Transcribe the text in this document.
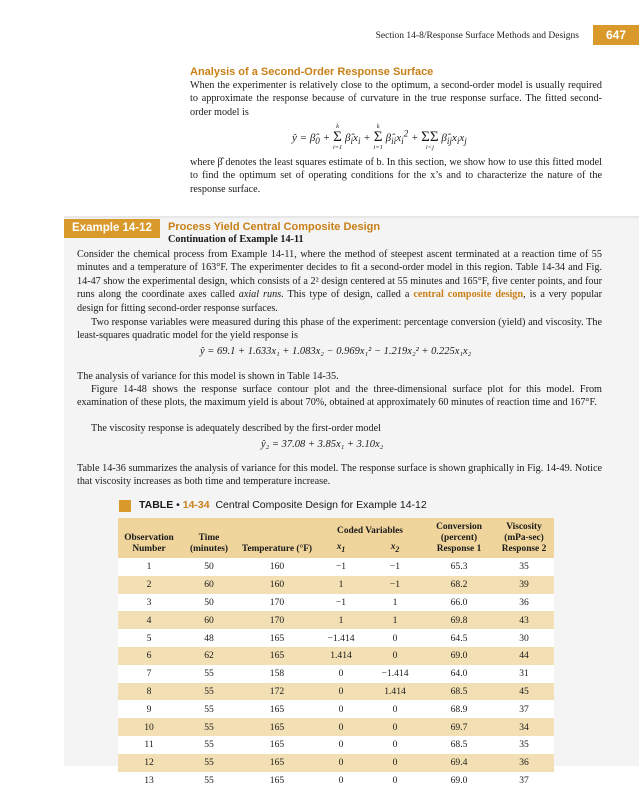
Section 14-8/Response Surface Methods and Designs	647
Analysis of a Second-Order Response Surface
When the experimenter is relatively close to the optimum, a second-order model is usually required to approximate the response because of curvature in the true response surface. The fitted second-order model is
ŷ = $\betâ_0$ +
k
Σ
i=1
$\betâ_ix_i$ +
k
Σ
i=1
$\betâ_{ii}x_i^2$ +
ΣΣ
i<j
$\betâ_{ij}x_ix_j$
where β̂ denotes the least squares estimate of b. In this section, we show how to use this fitted model to find the optimum set of operating conditions for the x’s and to characterize the nature of the response surface.
Example 14-12	Process Yield Central Composite Design
Continuation of Example 14-11
Consider the chemical process from Example 14-11, where the method of steepest ascent terminated at a reaction time of 55 minutes and a temperature of 163°F. The experimenter decides to fit a second-order model in this region. Table 14-34 and Fig. 14-47 show the experimental design, which consists of a 2² design centered at 55 minutes and 165°F, five center points, and four runs along the coordinate axes called axial runs. This type of design, called a central composite design, is a very popular design for fitting second-order response surfaces.
Two response variables were measured during this phase of the experiment: percentage conversion (yield) and viscosity. The least-squares quadratic model for the yield response is
ŷ = 69.1 + 1.633x₁ + 1.083x₂ − 0.969x₁² − 1.219x₂² + 0.225x₁x₂
The analysis of variance for this model is shown in Table 14-35.
Figure 14-48 shows the response surface contour plot and the three-dimensional surface plot for this model. From examination of these plots, the maximum yield is about 70%, obtained at approximately 60 minutes of reaction time and 167°F.
The viscosity response is adequately described by the first-order model
ŷ₂ = 37.08 + 3.85x₁ + 3.10x₂
Table 14-36 summarizes the analysis of variance for this model. The response surface is shown graphically in Fig. 14-49. Notice that viscosity increases as both time and temperature increase.
TABLE • 14-34 Central Composite Design for Example 14-12
Observation Number	Time (minutes)	Temperature (°F)	Coded Variables		Conversion (percent) Response 1	Viscosity (mPa-sec) Response 2
			$x_1$	$x_2$
1	50	160	−1	−1	65.3	35
2	60	160	1	−1	68.2	39
3	50	170	−1	1	66.0	36
4	60	170	1	1	69.8	43
5	48	165	−1.414	0	64.5	30
6	62	165	1.414	0	69.0	44
7	55	158	0	−1.414	64.0	31
8	55	172	0	1.414	68.5	45
9	55	165	0	0	68.9	37
10	55	165	0	0	69.7	34
11	55	165	0	0	68.5	35
12	55	165	0	0	69.4	36
13	55	165	0	0	69.0	37
